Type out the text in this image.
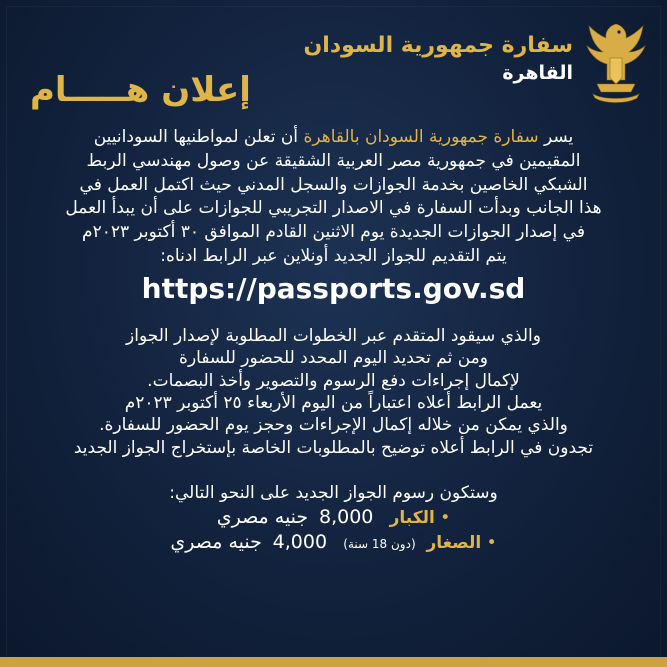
سفارة جمهورية السودان
القاهرة
إعلان هـــــام

يسر سفارة جمهورية السودان بالقاهرة أن تعلن لمواطنيها السودانيين

المقيمين في جمهورية مصر العربية الشقيقة عن وصول مهندسي الربط

الشبكي الخاصين بخدمة الجوازات والسجل المدني حيث اكتمل العمل في

هذا الجانب وبدأت السفارة في الاصدار التجريبي للجوازات على أن يبدأ العمل

في إصدار الجوازات الجديدة يوم الاثنين القادم الموافق ٣٠ أكتوبر ٢٠٢٣م

يتم التقديم للجواز الجديد أونلاين عبر الرابط ادناه:

https://passports.gov.sd

والذي سيقود المتقدم عبر الخطوات المطلوبة لإصدار الجواز

ومن ثم تحديد اليوم المحدد للحضور للسفارة

لإكمال إجراءات دفع الرسوم والتصوير وأخذ البصمات.

يعمل الرابط أعلاه اعتباراً من اليوم الأربعاء ٢٥ أكتوبر ٢٠٢٣م

والذي يمكن من خلاله إكمال الإجراءات وحجز يوم الحضور للسفارة.

تجدون في الرابط أعلاه توضيح بالمطلوبات الخاصة بإستخراج الجواز الجديد

وستكون رسوم الجواز الجديد على النحو التالي:

• الكبار   8,000  جنيه مصري

• الصغار  (دون 18 سنة)   4,000  جنيه مصري
